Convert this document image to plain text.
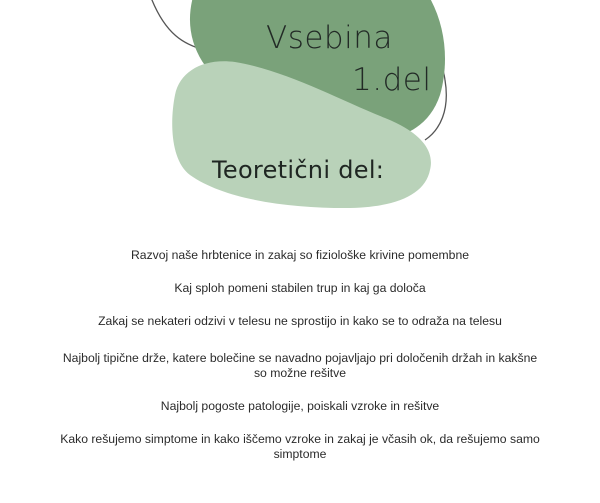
Vsebina
1.del
Teoretični del:
Razvoj naše hrbtenice in zakaj so fiziološke krivine pomembne
Kaj sploh pomeni stabilen trup in kaj ga določa
Zakaj se nekateri odzivi v telesu ne sprostijo in kako se to odraža na telesu
Najbolj tipične drže, katere bolečine se navadno pojavljajo pri določenih držah in kakšne so možne rešitve
Najbolj pogoste patologije, poiskali vzroke in rešitve
Kako rešujemo simptome in kako iščemo vzroke in zakaj je včasih ok, da rešujemo samo simptome
